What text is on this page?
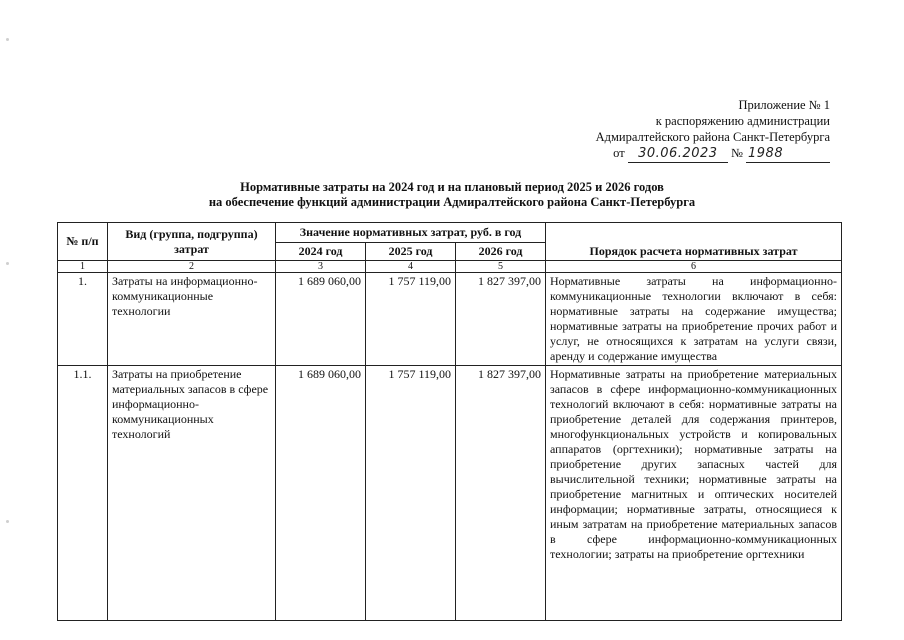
Приложение № 1
к распоряжению администрации
Адмиралтейского района Санкт-Петербурга
от 30.06.2023 № 1988
Нормативные затраты на 2024 год и на плановый период 2025 и 2026 годов
на обеспечение функций администрации Адмиралтейского района Санкт-Петербурга
№ п/п	Вид (группа, подгруппа) затрат	Значение нормативных затрат, руб. в год			Порядок расчета нормативных затрат
		2024 год	2025 год	2026 год	
1	2	3	4	5	6
1.	Затраты на информационно-коммуникационные технологии	1 689 060,00	1 757 119,00	1 827 397,00	Нормативные затраты на информационно-коммуникационные технологии включают в себя: нормативные затраты на содержание имущества; нормативные затраты на приобретение прочих работ и услуг, не относящихся к затратам на услуги связи, аренду и содержание имущества
1.1.	Затраты на приобретение материальных запасов в сфере информационно-коммуникационных технологий	1 689 060,00	1 757 119,00	1 827 397,00	Нормативные затраты на приобретение материальных запасов в сфере информационно-коммуникационных технологий включают в себя: нормативные затраты на приобретение деталей для содержания принтеров, многофункциональных устройств и копировальных аппаратов (оргтехники); нормативные затраты на приобретение других запасных частей для вычислительной техники; нормативные затраты на приобретение магнитных и оптических носителей информации; нормативные затраты, относящиеся к иным затратам на приобретение материальных запасов в сфере информационно-коммуникационных технологии; затраты на приобретение оргтехники
